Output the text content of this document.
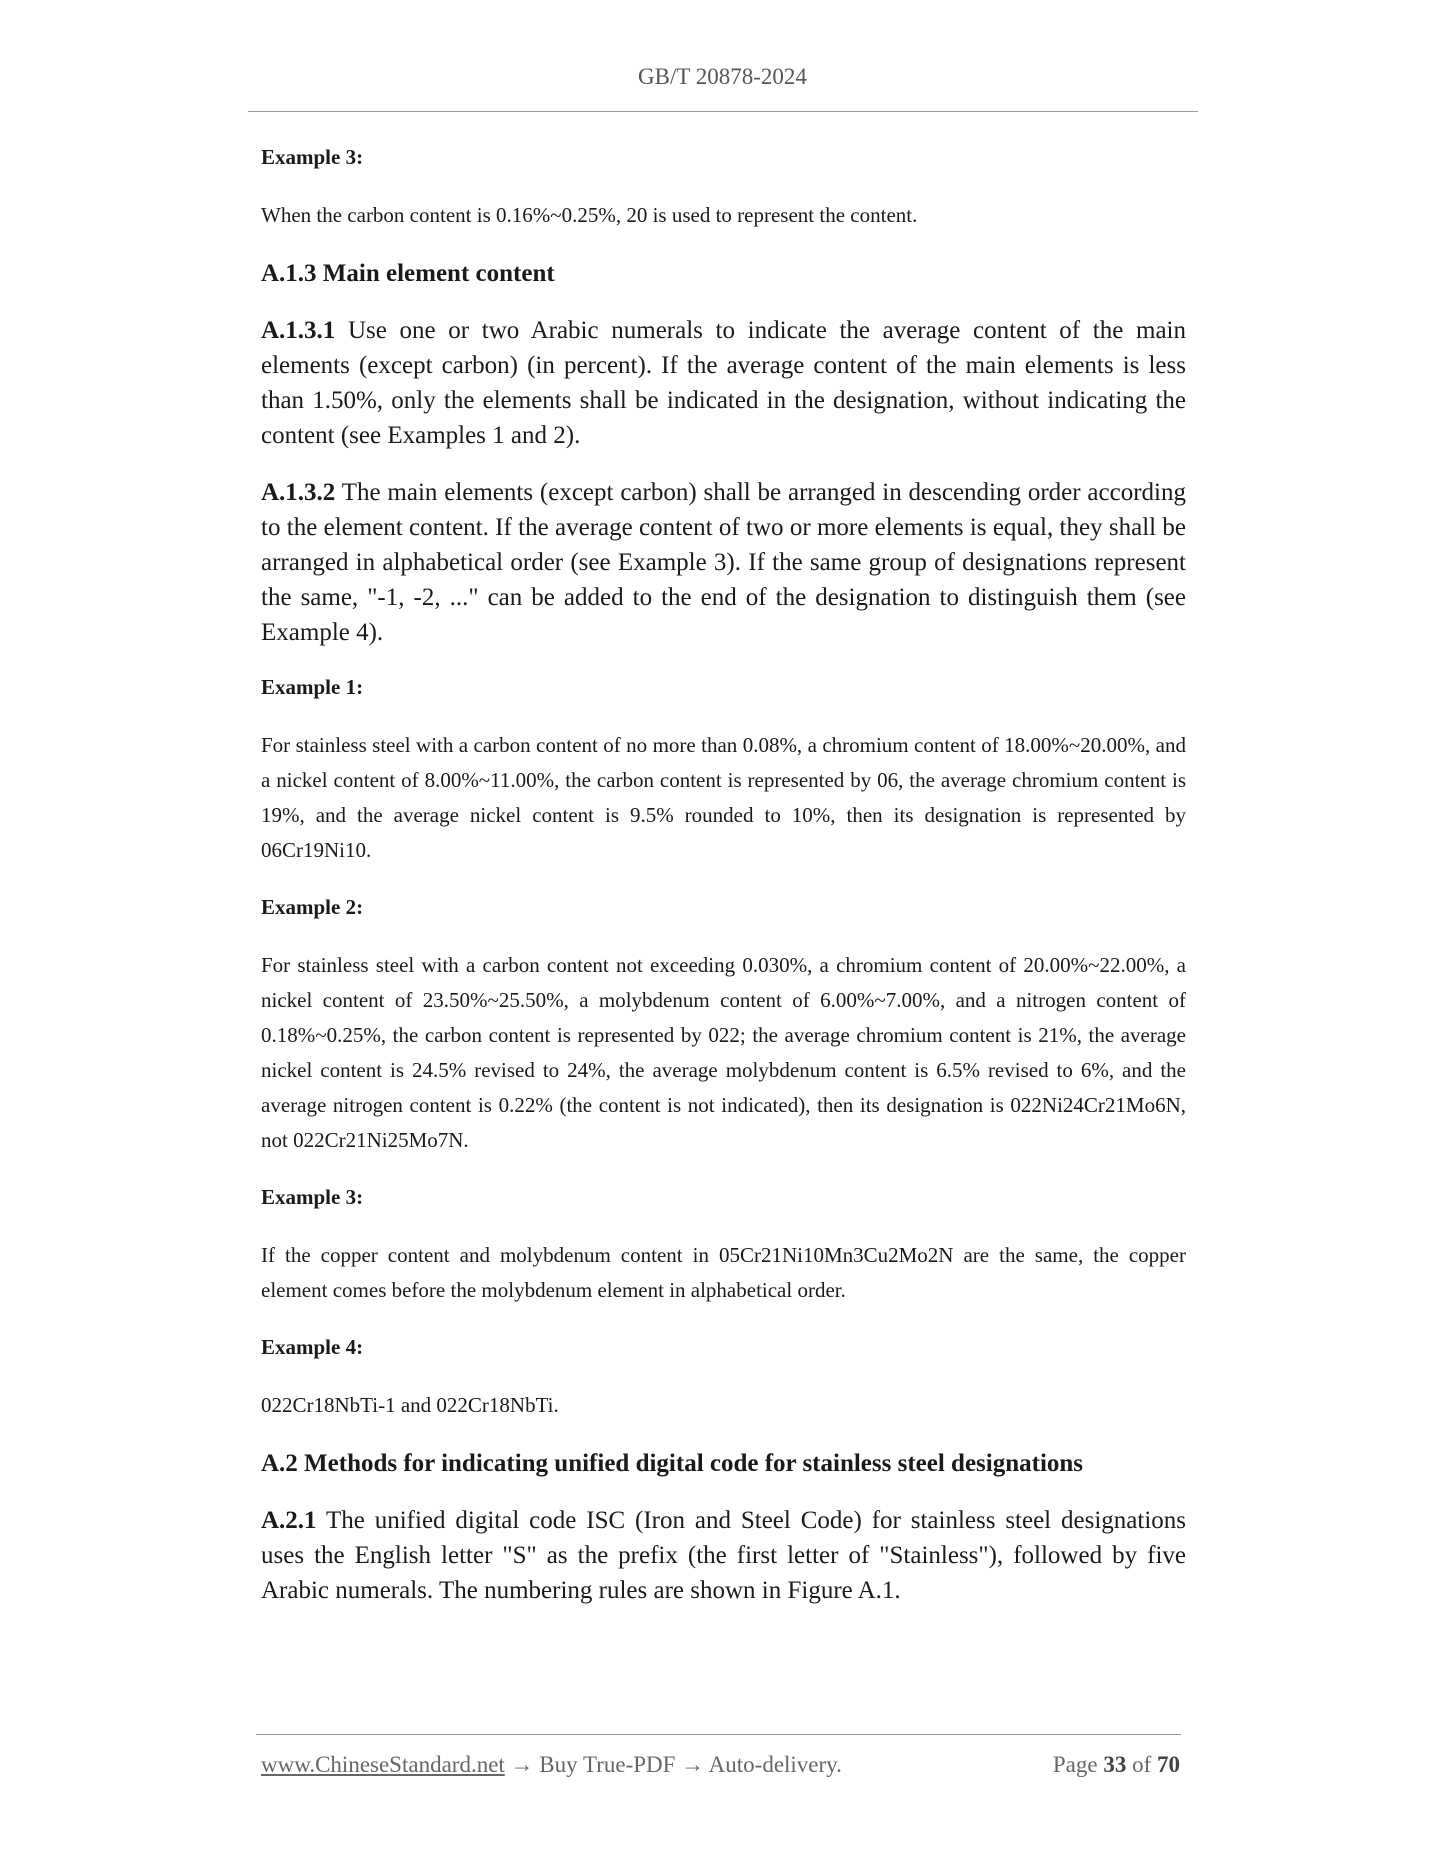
GB/T 20878-2024

Example 3:

When the carbon content is 0.16%~0.25%, 20 is used to represent the content.

A.1.3 Main element content

A.1.3.1 Use one or two Arabic numerals to indicate the average content of the main elements (except carbon) (in percent). If the average content of the main elements is less than 1.50%, only the elements shall be indicated in the designation, without indicating the content (see Examples 1 and 2).

A.1.3.2 The main elements (except carbon) shall be arranged in descending order according to the element content. If the average content of two or more elements is equal, they shall be arranged in alphabetical order (see Example 3). If the same group of designations represent the same, "-1, -2, ..." can be added to the end of the designation to distinguish them (see Example 4).

Example 1:

For stainless steel with a carbon content of no more than 0.08%, a chromium content of 18.00%~20.00%, and a nickel content of 8.00%~11.00%, the carbon content is represented by 06, the average chromium content is 19%, and the average nickel content is 9.5% rounded to 10%, then its designation is represented by 06Cr19Ni10.

Example 2:

For stainless steel with a carbon content not exceeding 0.030%, a chromium content of 20.00%~22.00%, a nickel content of 23.50%~25.50%, a molybdenum content of 6.00%~7.00%, and a nitrogen content of 0.18%~0.25%, the carbon content is represented by 022; the average chromium content is 21%, the average nickel content is 24.5% revised to 24%, the average molybdenum content is 6.5% revised to 6%, and the average nitrogen content is 0.22% (the content is not indicated), then its designation is 022Ni24Cr21Mo6N, not 022Cr21Ni25Mo7N.

Example 3:

If the copper content and molybdenum content in 05Cr21Ni10Mn3Cu2Mo2N are the same, the copper element comes before the molybdenum element in alphabetical order.

Example 4:

022Cr18NbTi-1 and 022Cr18NbTi.

A.2 Methods for indicating unified digital code for stainless steel designations

A.2.1 The unified digital code ISC (Iron and Steel Code) for stainless steel designations uses the English letter "S" as the prefix (the first letter of "Stainless"), followed by five Arabic numerals. The numbering rules are shown in Figure A.1.

www.ChineseStandard.net → Buy True-PDF → Auto-delivery.	Page 33 of 70
